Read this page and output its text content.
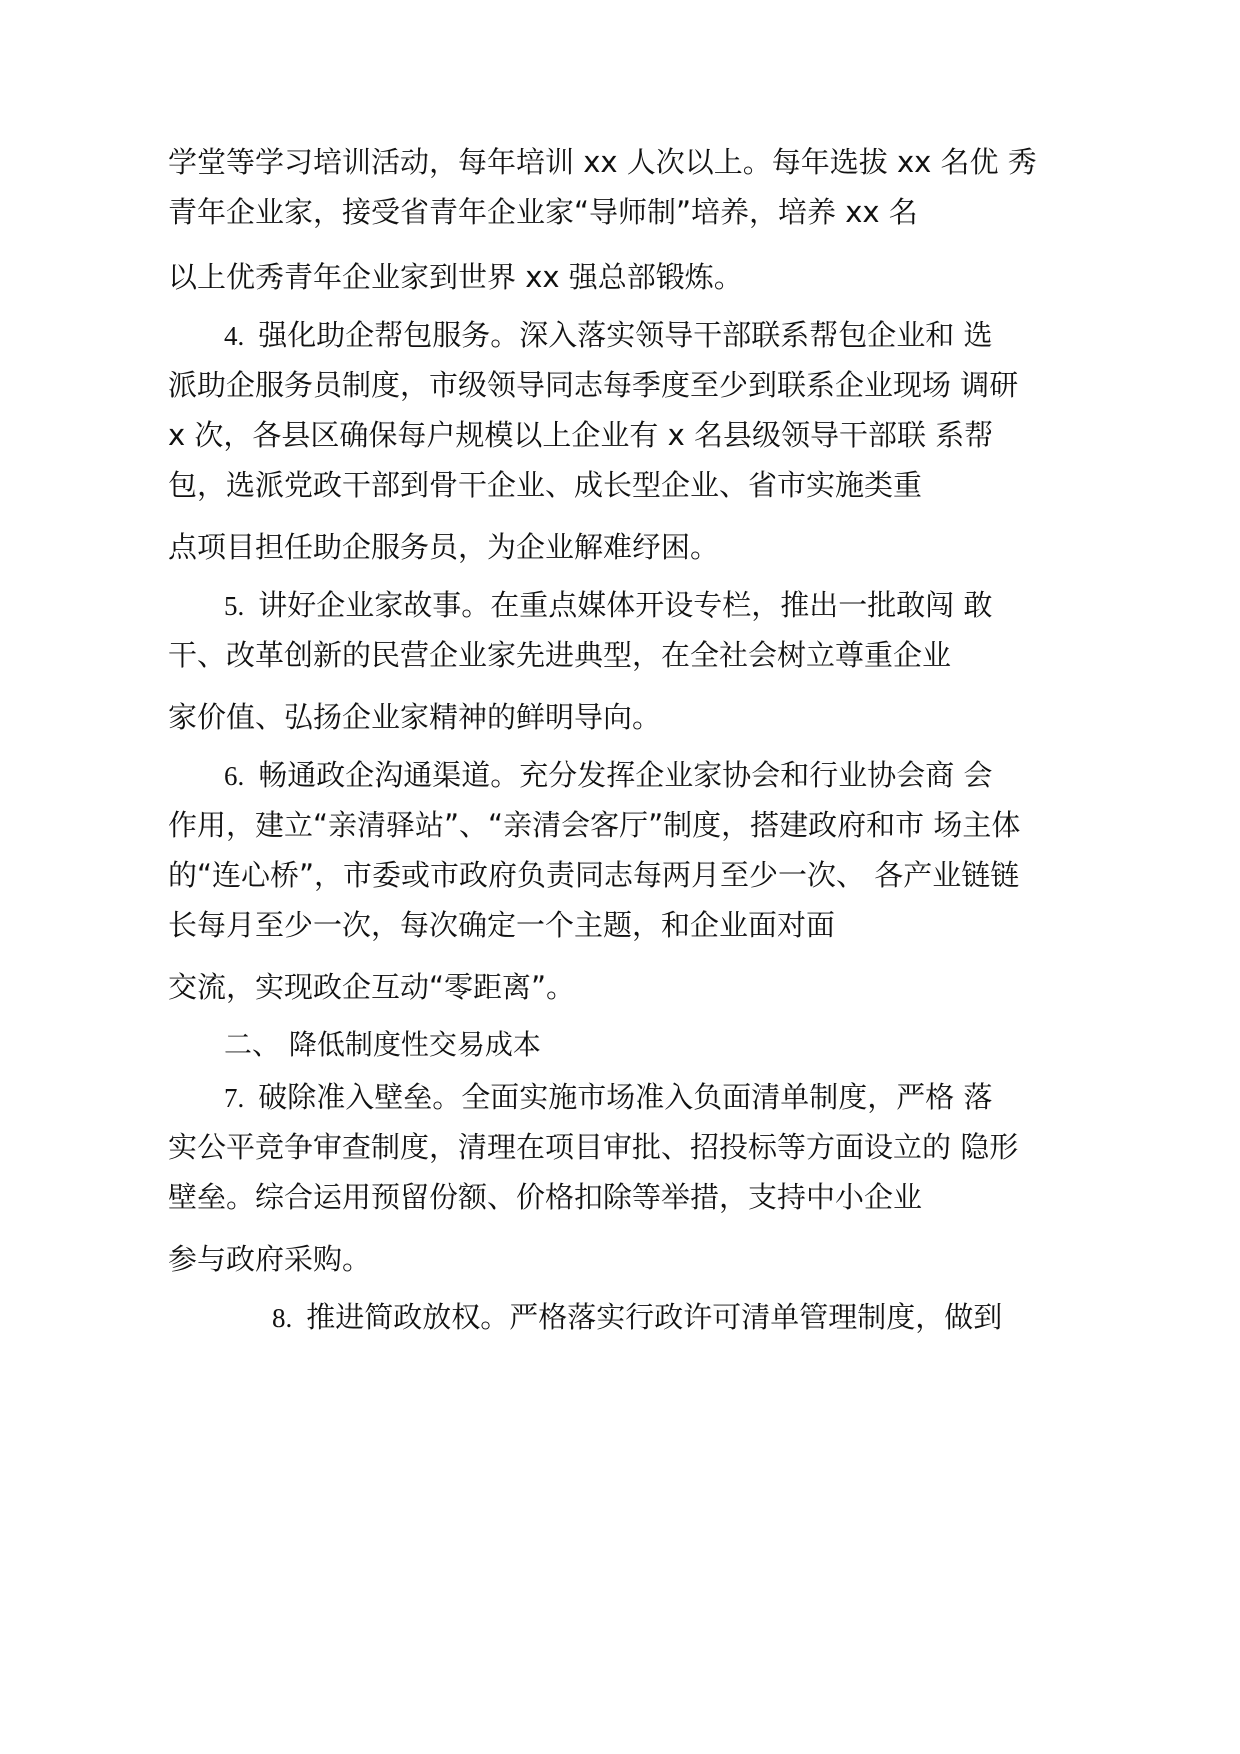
学堂等学习培训活动，每年培训 xx 人次以上。每年选拔 xx 名优 秀
青年企业家，接受省青年企业家“导师制”培养，培养 xx 名
以上优秀青年企业家到世界 xx 强总部锻炼。
4. 强化助企帮包服务。深入落实领导干部联系帮包企业和 选
派助企服务员制度，市级领导同志每季度至少到联系企业现场 调研
x 次，各县区确保每户规模以上企业有 x 名县级领导干部联 系帮
包，选派党政干部到骨干企业、成长型企业、省市实施类重
点项目担任助企服务员，为企业解难纾困。
5. 讲好企业家故事。在重点媒体开设专栏，推出一批敢闯 敢
干、改革创新的民营企业家先进典型，在全社会树立尊重企业
家价值、弘扬企业家精神的鲜明导向。
6. 畅通政企沟通渠道。充分发挥企业家协会和行业协会商 会
作用，建立“亲清驿站”、“亲清会客厅”制度，搭建政府和市 场主体
的“连心桥”，市委或市政府负责同志每两月至少一次、 各产业链链
长每月至少一次，每次确定一个主题，和企业面对面
交流，实现政企互动“零距离”。
二、 降低制度性交易成本
7. 破除准入壁垒。全面实施市场准入负面清单制度，严格 落
实公平竞争审查制度，清理在项目审批、招投标等方面设立的 隐形
壁垒。综合运用预留份额、价格扣除等举措，支持中小企业
参与政府采购。
8. 推进简政放权。严格落实行政许可清单管理制度，做到
